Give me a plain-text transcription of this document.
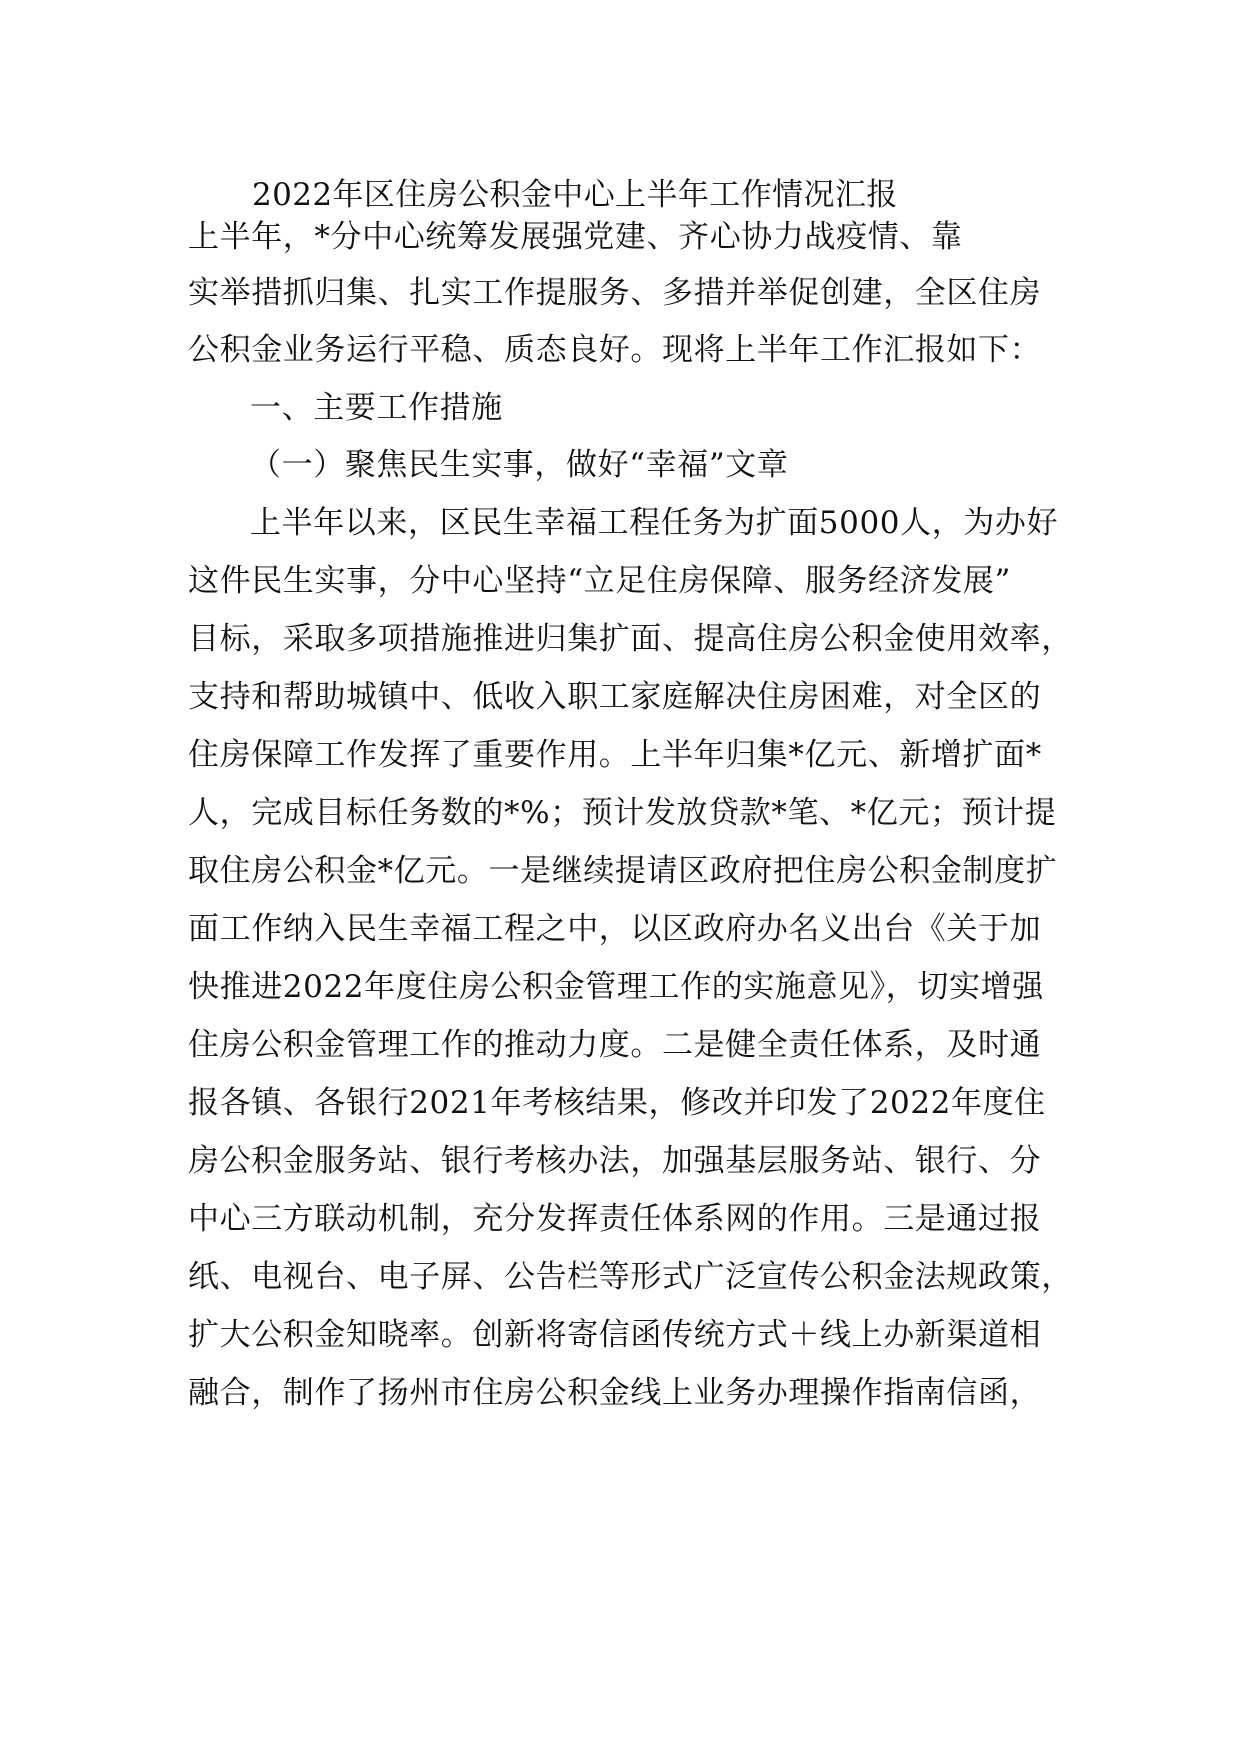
2022年区住房公积金中心上半年工作情况汇报
上半年，*分中心统筹发展强党建、齐心协力战疫情、靠
实举措抓归集、扎实工作提服务、多措并举促创建，全区住房
公积金业务运行平稳、质态良好。现将上半年工作汇报如下：
一、主要工作措施
（一）聚焦民生实事，做好“幸福”文章
上半年以来，区民生幸福工程任务为扩面5000人，为办好
这件民生实事，分中心坚持“立足住房保障、服务经济发展”
目标，采取多项措施推进归集扩面、提高住房公积金使用效率，
支持和帮助城镇中、低收入职工家庭解决住房困难，对全区的
住房保障工作发挥了重要作用。上半年归集*亿元、新增扩面*
人，完成目标任务数的*%；预计发放贷款*笔、*亿元；预计提
取住房公积金*亿元。一是继续提请区政府把住房公积金制度扩
面工作纳入民生幸福工程之中，以区政府办名义出台《关于加
快推进2022年度住房公积金管理工作的实施意见》，切实增强
住房公积金管理工作的推动力度。二是健全责任体系，及时通
报各镇、各银行2021年考核结果，修改并印发了2022年度住
房公积金服务站、银行考核办法，加强基层服务站、银行、分
中心三方联动机制，充分发挥责任体系网的作用。三是通过报
纸、电视台、电子屏、公告栏等形式广泛宣传公积金法规政策，
扩大公积金知晓率。创新将寄信函传统方式＋线上办新渠道相
融合，制作了扬州市住房公积金线上业务办理操作指南信函，
